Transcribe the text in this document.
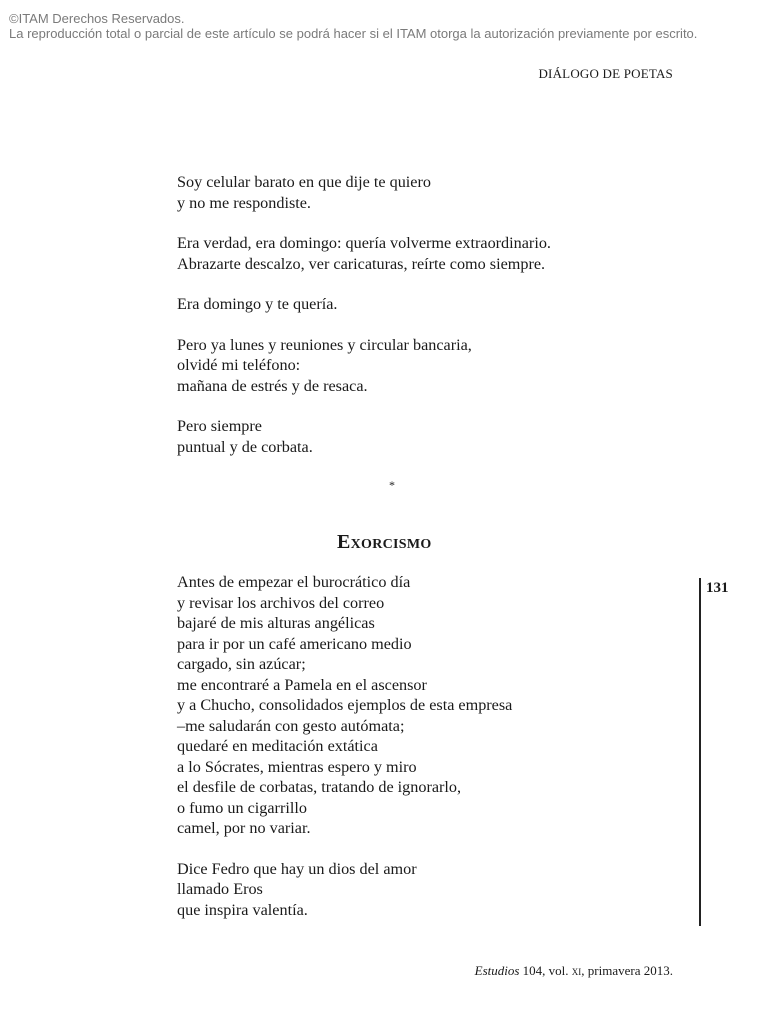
©ITAM Derechos Reservados.
La reproducción total o parcial de este artículo se podrá hacer si el ITAM otorga la autorización previamente por escrito.
DIÁLOGO DE POETAS
Soy celular barato en que dije te quiero
y no me respondiste.
Era verdad, era domingo: quería volverme extraordinario.
Abrazarte descalzo, ver caricaturas, reírte como siempre.
Era domingo y te quería.
Pero ya lunes y reuniones y circular bancaria,
olvidé mi teléfono:
mañana de estrés y de resaca.
Pero siempre
puntual y de corbata.
*
Exorcismo
Antes de empezar el burocrático día
y revisar los archivos del correo
bajaré de mis alturas angélicas
para ir por un café americano medio
cargado, sin azúcar;
me encontraré a Pamela en el ascensor
y a Chucho, consolidados ejemplos de esta empresa
–me saludarán con gesto autómata;
quedaré en meditación extática
a lo Sócrates, mientras espero y miro
el desfile de corbatas, tratando de ignorarlo,
o fumo un cigarrillo
camel, por no variar.
Dice Fedro que hay un dios del amor
llamado Eros
que inspira valentía.
131
Estudios 104, vol. xi, primavera 2013.
